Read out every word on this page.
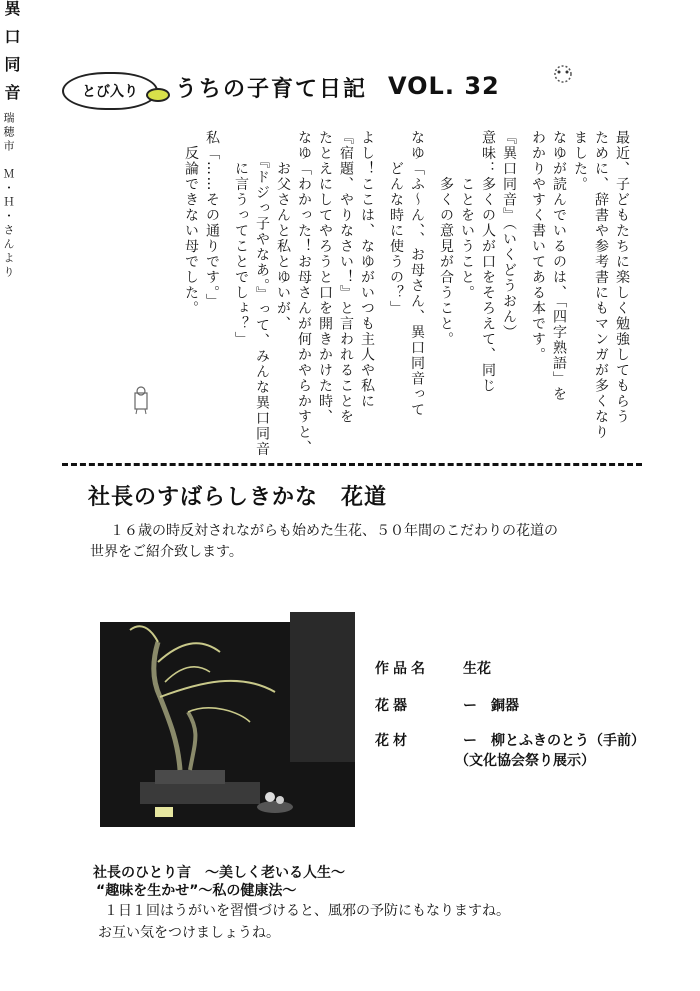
とび入り うちの子育て日記 VOL. 32
異口同音
最近、子どもたちに楽しく勉強してもらう
ために、辞書や参考書にもマンガが多くなり
ました。
なゆが読んでいるのは、「四字熟語」を
わかりやすく書いてある本です。
『異口同音』（いくどうおん）
意味：多くの人が口をそろえて、同じ
　　　ことをいうこと。
　　　多くの意見が合うこと。
なゆ「ふ〜ん、、お母さん、異口同音って
　　どんな時に使うの？」
よし！ここは、なゆがいつも主人や私に
『宿題、やりなさい！』と言われることを
たとえにしてやろうと口を開きかけた時、
なゆ「わかった！お母さんが何かやらかすと、
　　お父さんと私とゆいが、
　　『ドジっ子やなあ。』って、みんな異口同音
　　に言うってことでしょ？」
私「……その通りです。」
　反論できない母でした。
瑞穂市　Ｍ・Ｈ・さんより
社長のすばらしきかな　花道

１６歳の時反対されながらも始めた生花、５０年間のこだわりの花道の

世界をご紹介致します。

作品名 生花
花器	ー　銅器
花材	ー　柳とふきのとう（手前）
（文化協会祭り展示）
社長のひとり言　〜美しく老いる人生〜
“趣味を生かせ”〜私の健康法〜

１日１回はうがいを習慣づけると、風邪の予防にもなりますね。

お互い気をつけましょうね。
